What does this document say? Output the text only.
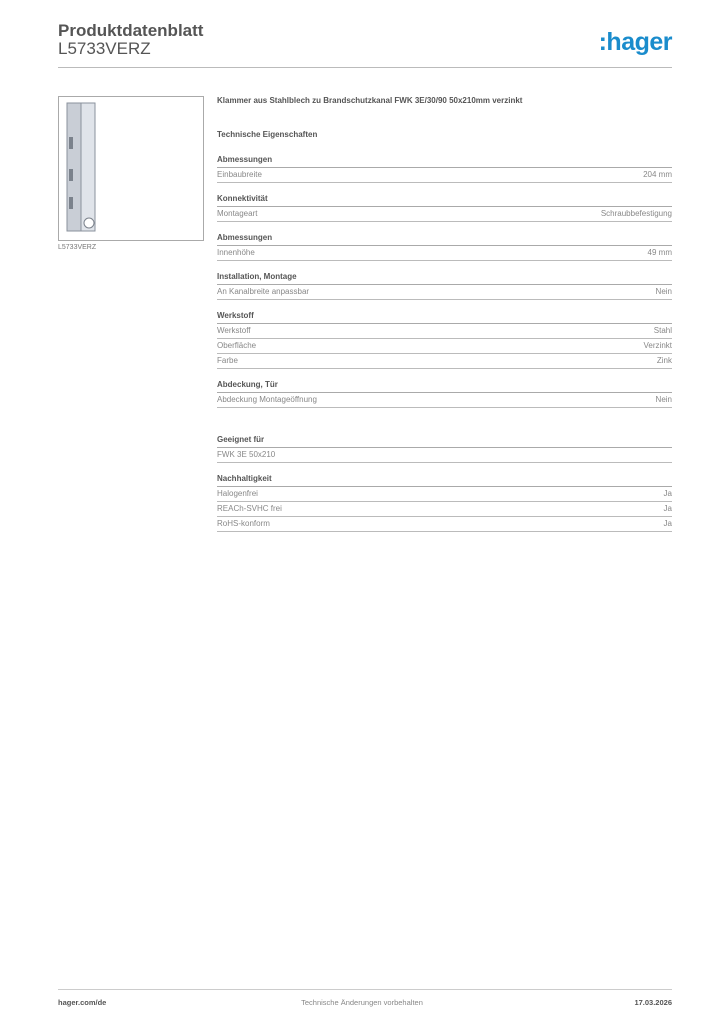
Produktdatenblatt
L5733VERZ	:hager
L5733VERZ
Klammer aus Stahlblech zu Brandschutzkanal FWK 3E/30/90 50x210mm verzinkt
Technische Eigenschaften
Abmessungen
Einbaubreite	204 mm
Konnektivität
Montageart	Schraubbefestigung
Abmessungen
Innenhöhe	49 mm
Installation, Montage
An Kanalbreite anpassbar	Nein
Werkstoff
Werkstoff	Stahl
Oberfläche	Verzinkt
Farbe	Zink
Abdeckung, Tür
Abdeckung Montageöffnung	Nein
Geeignet für
FWK 3E 50x210
Nachhaltigkeit
Halogenfrei	Ja
REACh-SVHC frei	Ja
RoHS-konform	Ja
hager.com/de	Technische Änderungen vorbehalten	17.03.2026
